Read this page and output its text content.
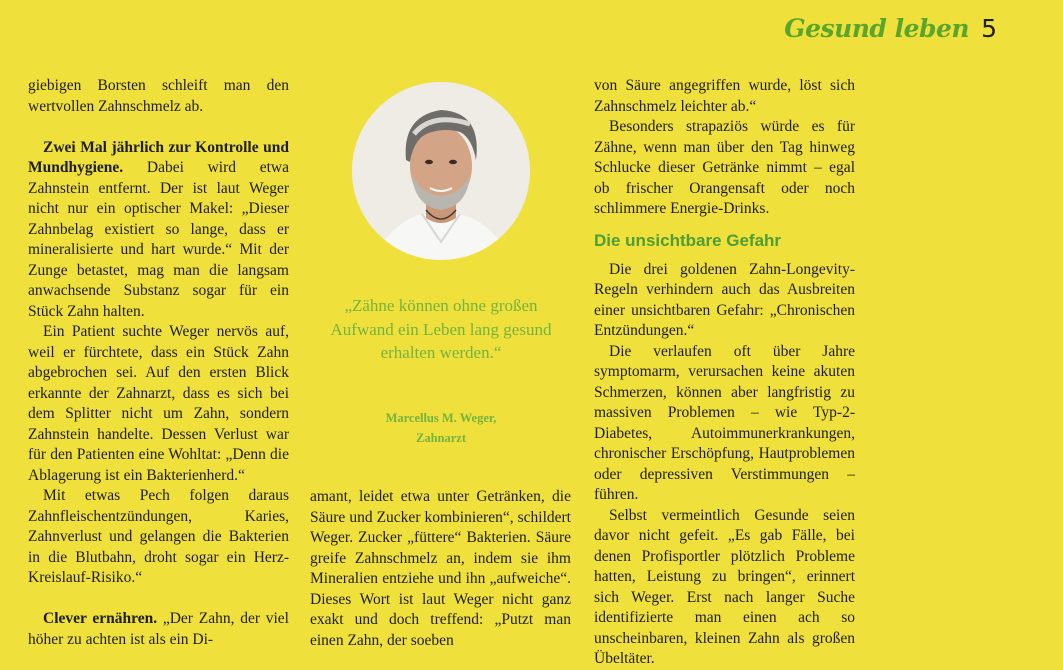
Gesund leben 5

giebigen Borsten schleift man den wertvollen Zahnschmelz ab.

Zwei Mal jährlich zur Kontrolle und Mundhygiene. Dabei wird etwa Zahnstein entfernt. Der ist laut Weger nicht nur ein optischer Makel: „Dieser Zahnbelag existiert so lange, dass er mineralisierte und hart wurde.“ Mit der Zunge betastet, mag man die langsam anwachsende Substanz sogar für ein Stück Zahn halten.

Ein Patient suchte Weger nervös auf, weil er fürchtete, dass ein Stück Zahn abgebrochen sei. Auf den ersten Blick erkannte der Zahnarzt, dass es sich bei dem Splitter nicht um Zahn, sondern Zahnstein handelte. Dessen Verlust war für den Patienten eine Wohltat: „Denn die Ablagerung ist ein Bakterienherd.“

Mit etwas Pech folgen daraus Zahnfleischentzündungen, Karies, Zahnverlust und gelangen die Bakterien in die Blutbahn, droht sogar ein Herz-Kreislauf-Risiko.“

Clever ernähren. „Der Zahn, der viel höher zu achten ist als ein Di-

„Zähne können ohne großen Aufwand ein Leben lang gesund erhalten werden.“
Marcellus M. Weger,
Zahnarzt

amant, leidet etwa unter Getränken, die Säure und Zucker kombinieren“, schildert Weger. Zucker „füttere“ Bakterien. Säure greife Zahnschmelz an, indem sie ihm Mineralien entziehe und ihn „aufweiche“. Dieses Wort ist laut Weger nicht ganz exakt und doch treffend: „Putzt man einen Zahn, der soeben

von Säure angegriffen wurde, löst sich Zahnschmelz leichter ab.“

Besonders strapaziös würde es für Zähne, wenn man über den Tag hinweg Schlucke dieser Getränke nimmt – egal ob frischer Orangensaft oder noch schlimmere Energie-Drinks.

Die unsichtbare Gefahr

Die drei goldenen Zahn-Longevity-Regeln verhindern auch das Ausbreiten einer unsichtbaren Gefahr: „Chronischen Entzündungen.“

Die verlaufen oft über Jahre symptomarm, verursachen keine akuten Schmerzen, können aber langfristig zu massiven Problemen – wie Typ-2-Diabetes, Autoimmunerkrankungen, chronischer Erschöpfung, Hautproblemen oder depressiven Verstimmungen – führen.

Selbst vermeintlich Gesunde seien davor nicht gefeit. „Es gab Fälle, bei denen Profisportler plötzlich Probleme hatten, Leistung zu bringen“, erinnert sich Weger. Erst nach langer Suche identifizierte man einen ach so unscheinbaren, kleinen Zahn als großen Übeltäter.
